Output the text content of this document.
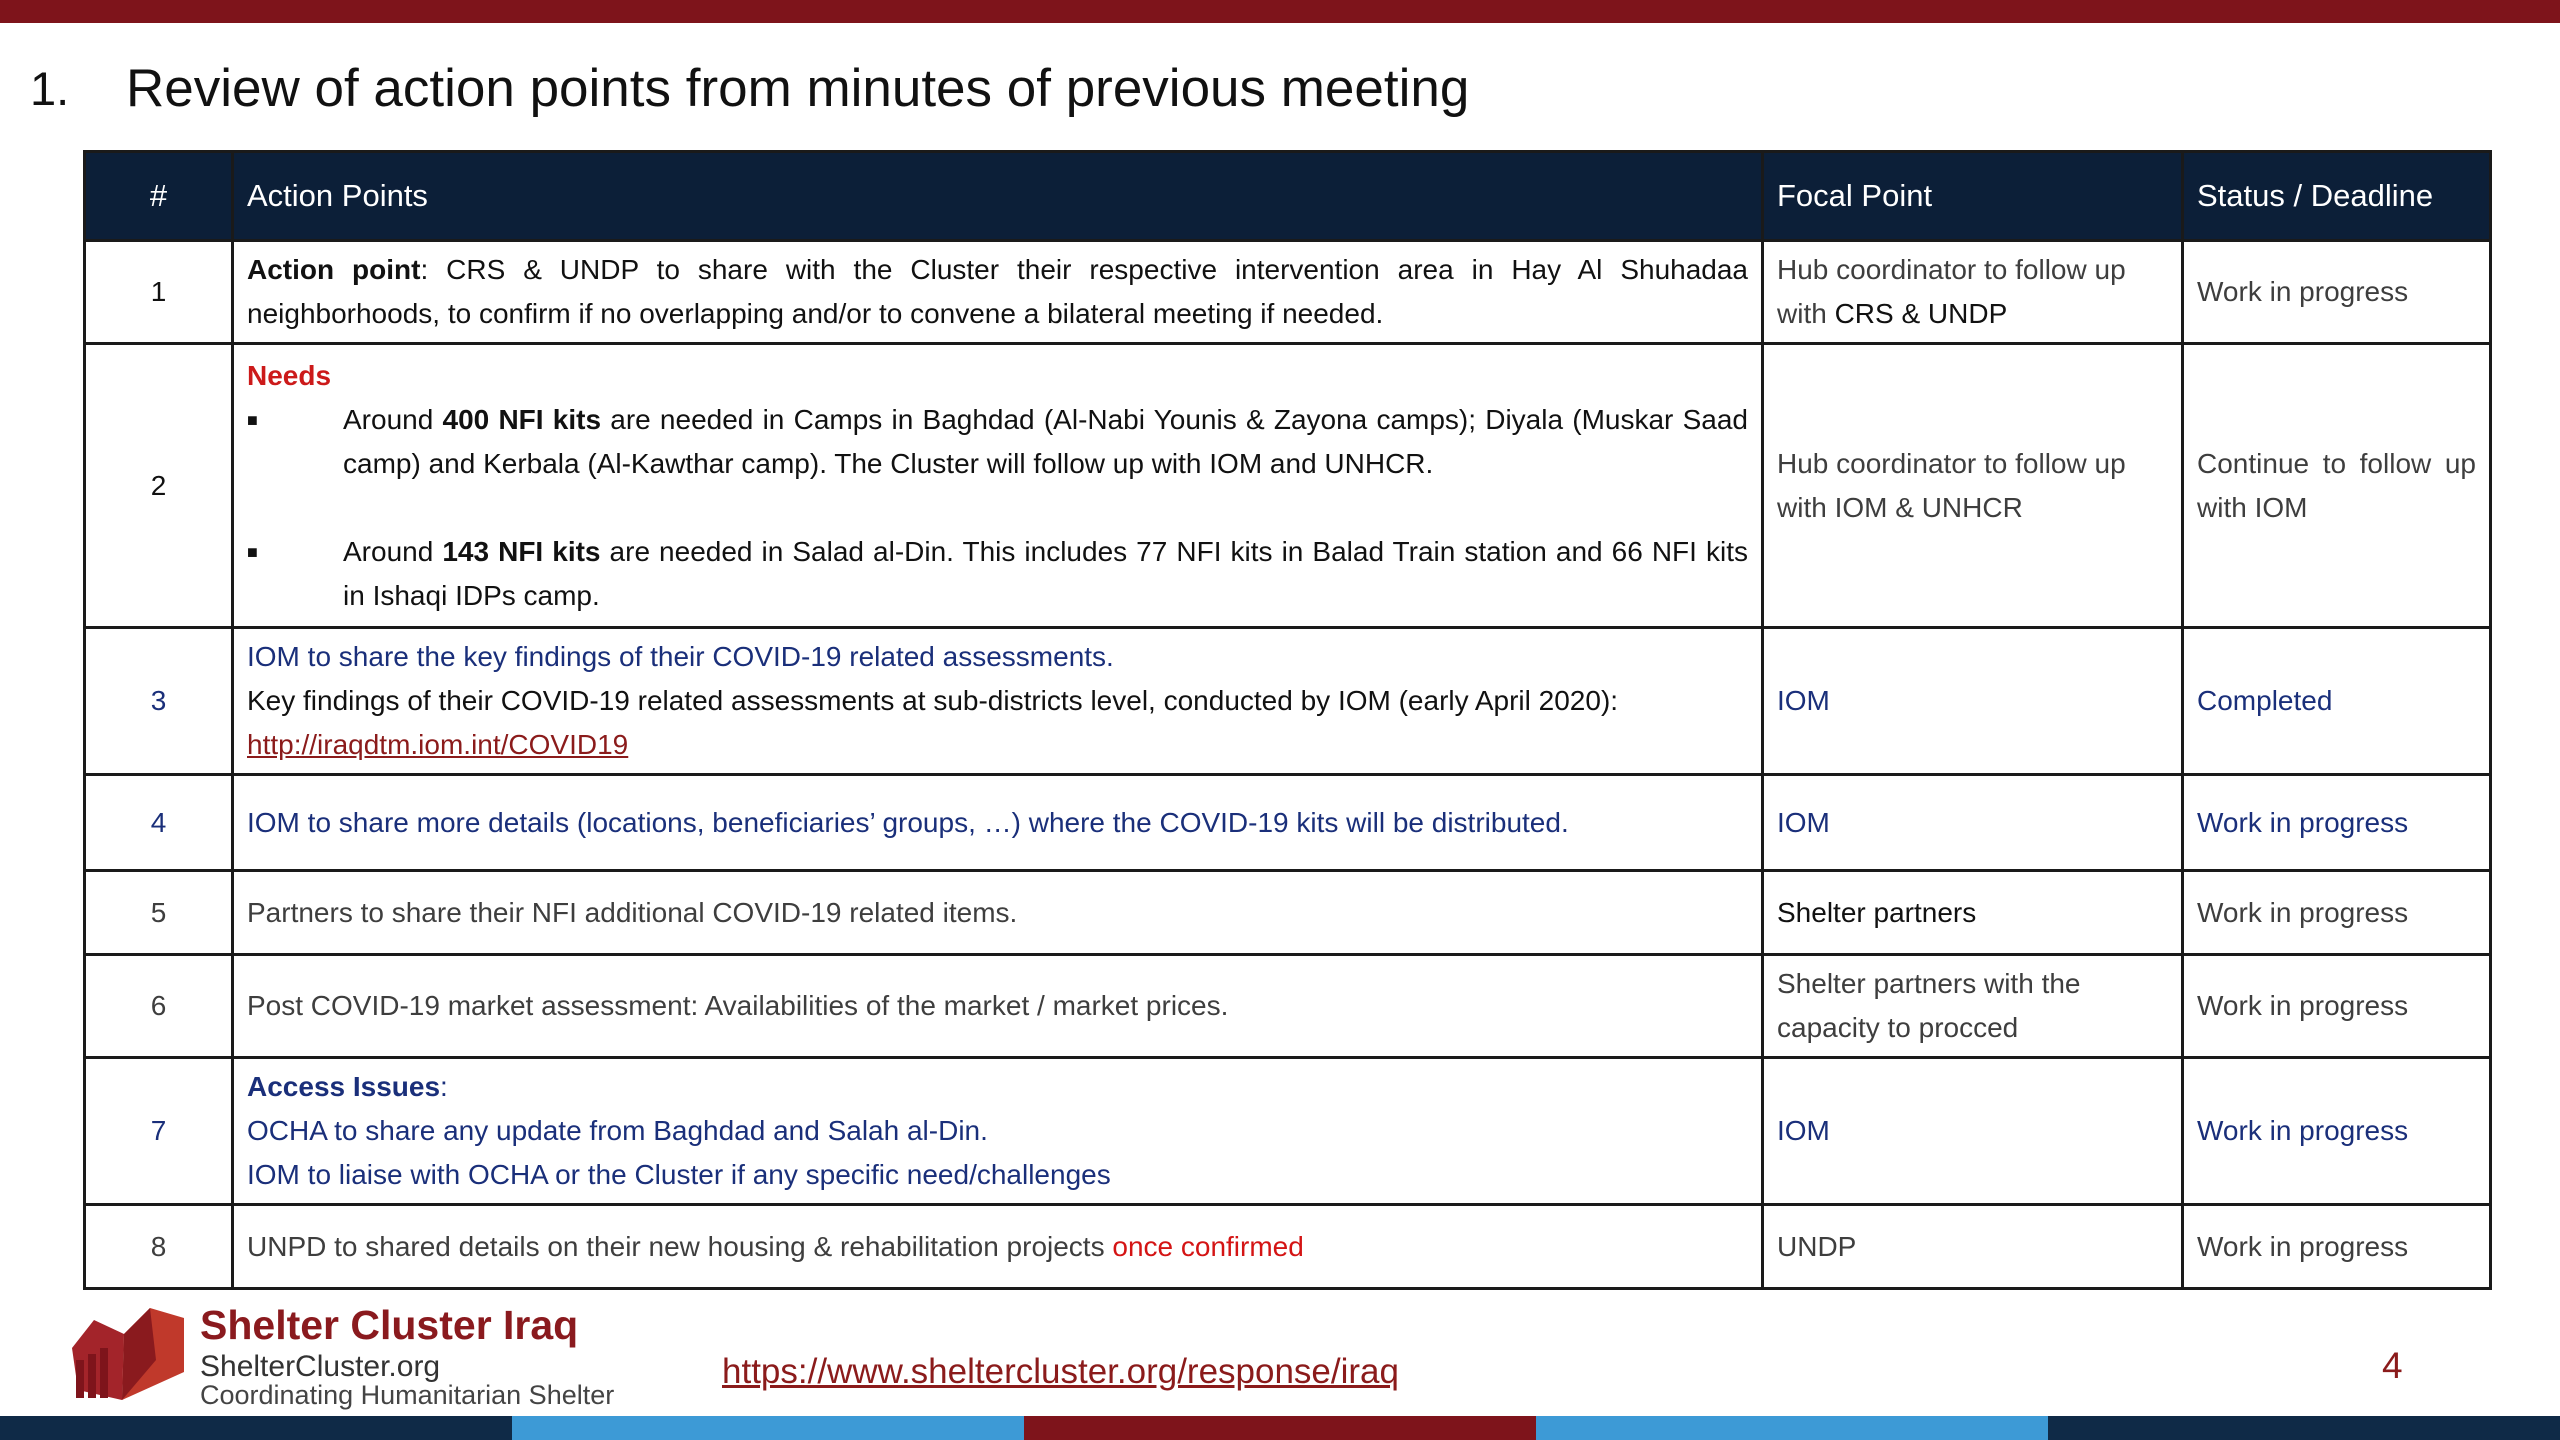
1.	Review of action points from minutes of previous meeting
#	Action Points	Focal Point	Status / Deadline
1	Action point: CRS & UNDP to share with the Cluster their respective intervention area in Hay Al Shuhadaa neighborhoods, to confirm if no overlapping and/or to convene a bilateral meeting if needed.	Hub coordinator to follow up with CRS & UNDP	Work in progress
2	Needs
■ Around 400 NFI kits are needed in Camps in Baghdad (Al-Nabi Younis & Zayona camps); Diyala (Muskar Saad camp) and Kerbala (Al-Kawthar camp). The Cluster will follow up with IOM and UNHCR.
■ Around 143 NFI kits are needed in Salad al-Din. This includes 77 NFI kits in Balad Train station and 66 NFI kits in Ishaqi IDPs camp.	Hub coordinator to follow up with IOM & UNHCR	Continue to follow up with IOM
3	IOM to share the key findings of their COVID-19 related assessments.
Key findings of their COVID-19 related assessments at sub-districts level, conducted by IOM (early April 2020):
http://iraqdtm.iom.int/COVID19	IOM	Completed
4	IOM to share more details (locations, beneficiaries’ groups, …) where the COVID-19 kits will be distributed.	IOM	Work in progress
5	Partners to share their NFI additional COVID-19 related items.	Shelter partners	Work in progress
6	Post COVID-19 market assessment: Availabilities of the market / market prices.	Shelter partners with the capacity to procced	Work in progress
7	Access Issues:
OCHA to share any update from Baghdad and Salah al-Din.
IOM to liaise with OCHA or the Cluster if any specific need/challenges	IOM	Work in progress
8	UNPD to shared details on their new housing & rehabilitation projects once confirmed	UNDP	Work in progress
Shelter Cluster Iraq
ShelterCluster.org
Coordinating Humanitarian Shelter
https://www.sheltercluster.org/response/iraq	4
